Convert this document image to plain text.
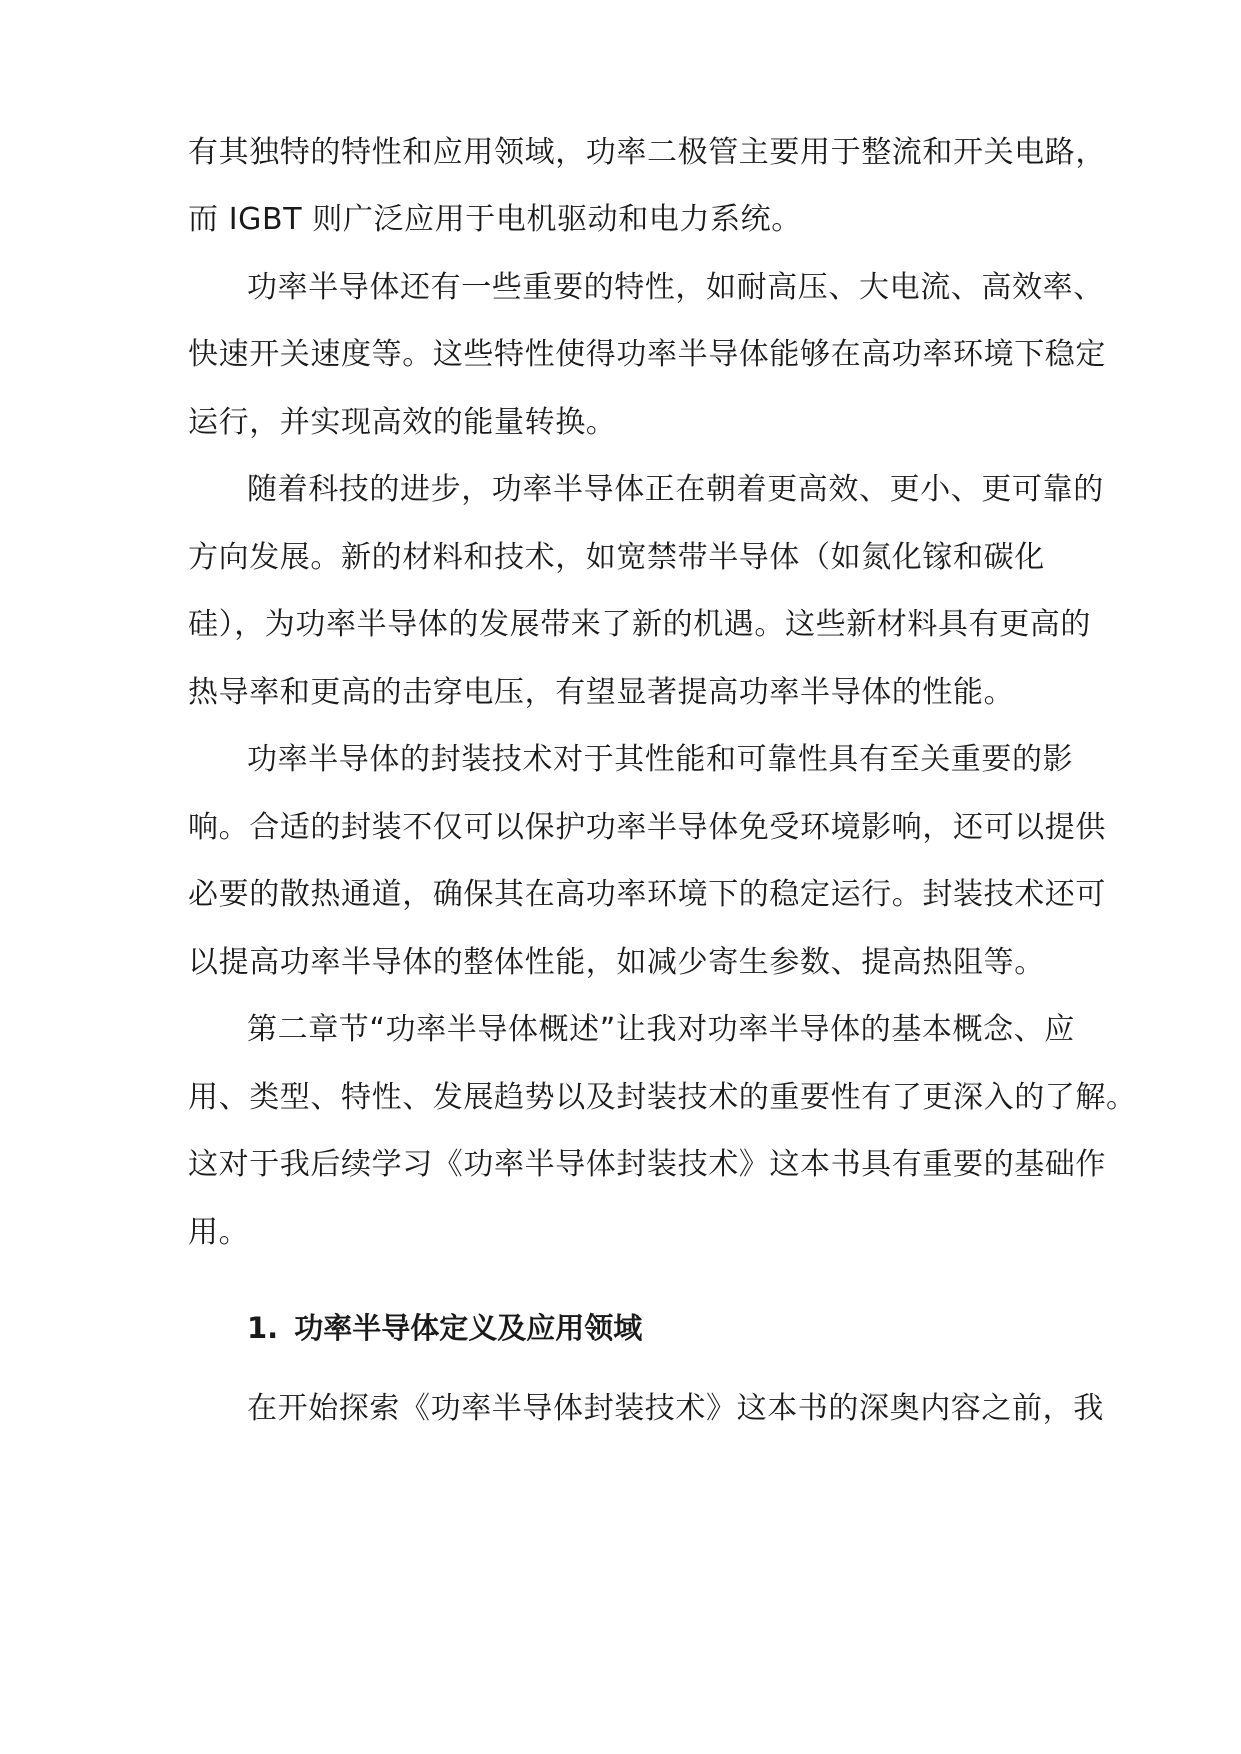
有其独特的特性和应用领域，功率二极管主要用于整流和开关电路，
而 IGBT 则广泛应用于电机驱动和电力系统。
功率半导体还有一些重要的特性，如耐高压、大电流、高效率、
快速开关速度等。这些特性使得功率半导体能够在高功率环境下稳定
运行，并实现高效的能量转换。
随着科技的进步，功率半导体正在朝着更高效、更小、更可靠的
方向发展。新的材料和技术，如宽禁带半导体（如氮化镓和碳化
硅），为功率半导体的发展带来了新的机遇。这些新材料具有更高的
热导率和更高的击穿电压，有望显著提高功率半导体的性能。
功率半导体的封装技术对于其性能和可靠性具有至关重要的影
响。合适的封装不仅可以保护功率半导体免受环境影响，还可以提供
必要的散热通道，确保其在高功率环境下的稳定运行。封装技术还可
以提高功率半导体的整体性能，如减少寄生参数、提高热阻等。
第二章节“功率半导体概述”让我对功率半导体的基本概念、应
用、类型、特性、发展趋势以及封装技术的重要性有了更深入的了解。
这对于我后续学习《功率半导体封装技术》这本书具有重要的基础作
用。
1. 功率半导体定义及应用领域
在开始探索《功率半导体封装技术》这本书的深奥内容之前，我
